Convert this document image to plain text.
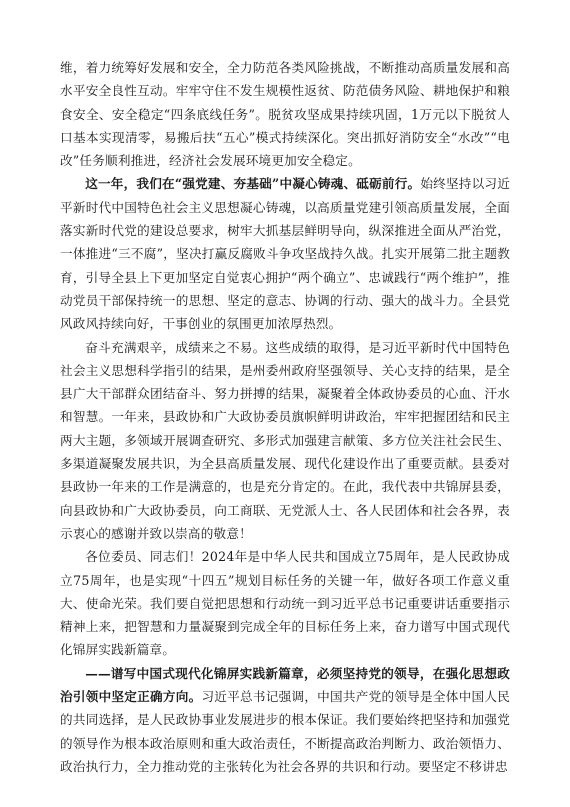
维，着力统筹好发展和安全，全力防范各类风险挑战，不断推动高质量发展和高水平安全良性互动。牢牢守住不发生规模性返贫、防范债务风险、耕地保护和粮食安全、安全稳定“四条底线任务”。脱贫攻坚成果持续巩固，1万元以下脱贫人口基本实现清零，易搬后扶“五心”模式持续深化。突出抓好消防安全“水改”“电改”任务顺利推进，经济社会发展环境更加安全稳定。

这一年，我们在“强党建、夯基础”中凝心铸魂、砥砺前行。始终坚持以习近平新时代中国特色社会主义思想凝心铸魂，以高质量党建引领高质量发展，全面落实新时代党的建设总要求，树牢大抓基层鲜明导向，纵深推进全面从严治党，一体推进“三不腐”，坚决打赢反腐败斗争攻坚战持久战。扎实开展第二批主题教育，引导全县上下更加坚定自觉衷心拥护“两个确立”、忠诚践行“两个维护”，推动党员干部保持统一的思想、坚定的意志、协调的行动、强大的战斗力。全县党风政风持续向好，干事创业的氛围更加浓厚热烈。

奋斗充满艰辛，成绩来之不易。这些成绩的取得，是习近平新时代中国特色社会主义思想科学指引的结果，是州委州政府坚强领导、关心支持的结果，是全县广大干部群众团结奋斗、努力拼搏的结果，凝聚着全体政协委员的心血、汗水和智慧。一年来，县政协和广大政协委员旗帜鲜明讲政治，牢牢把握团结和民主两大主题，多领域开展调查研究、多形式加强建言献策、多方位关注社会民生、多渠道凝聚发展共识，为全县高质量发展、现代化建设作出了重要贡献。县委对县政协一年来的工作是满意的，也是充分肯定的。在此，我代表中共锦屏县委，向县政协和广大政协委员，向工商联、无党派人士、各人民团体和社会各界，表示衷心的感谢并致以崇高的敬意！

各位委员、同志们！2024年是中华人民共和国成立75周年，是人民政协成立75周年，也是实现“十四五”规划目标任务的关键一年，做好各项工作意义重大、使命光荣。我们要自觉把思想和行动统一到习近平总书记重要讲话重要指示精神上来，把智慧和力量凝聚到完成全年的目标任务上来，奋力谱写中国式现代化锦屏实践新篇章。

——谱写中国式现代化锦屏实践新篇章，必须坚持党的领导，在强化思想政治引领中坚定正确方向。习近平总书记强调，中国共产党的领导是全体中国人民的共同选择，是人民政协事业发展进步的根本保证。我们要始终把坚持和加强党的领导作为根本政治原则和重大政治责任，不断提高政治判断力、政治领悟力、政治执行力，全力推动党的主张转化为社会各界的共识和行动。要坚定不移讲忠
